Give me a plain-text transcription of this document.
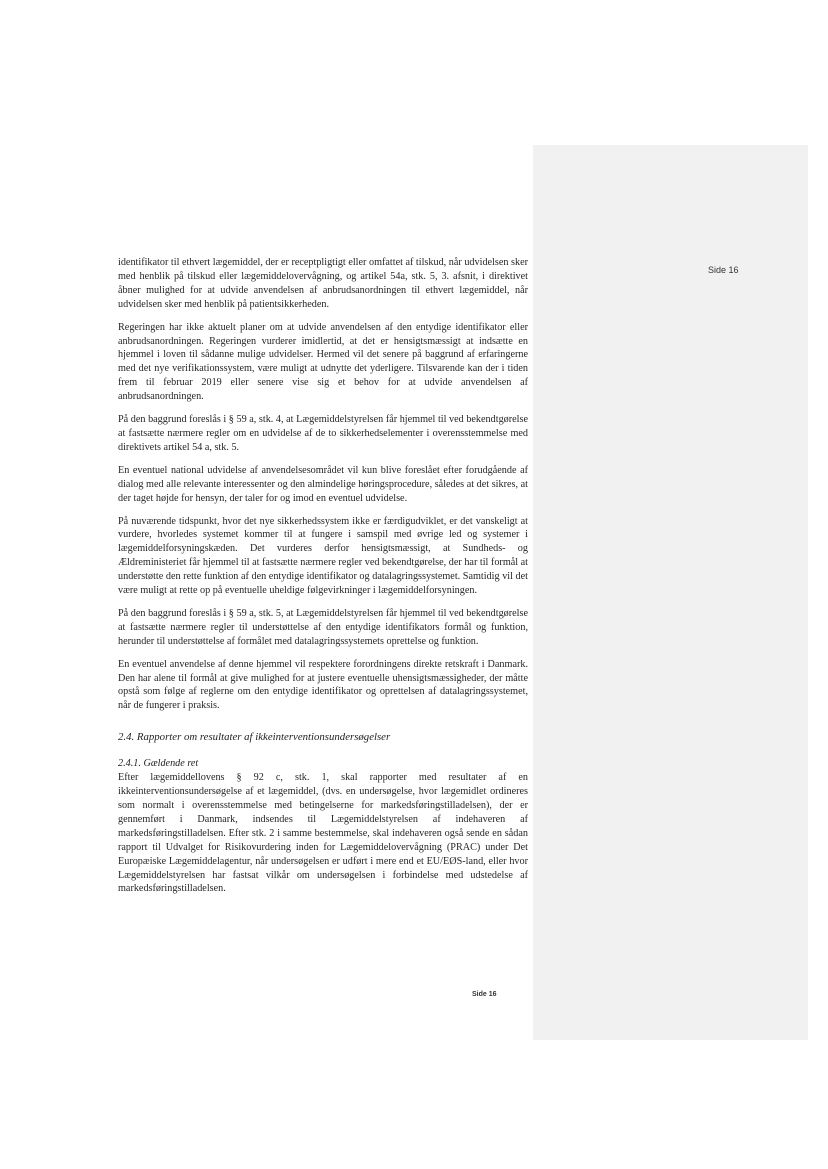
Side 16

identifikator til ethvert lægemiddel, der er receptpligtigt eller omfattet af tilskud, når udvidelsen sker med henblik på tilskud eller lægemiddelovervågning, og artikel 54a, stk. 5, 3. afsnit, i direktivet åbner mulighed for at udvide anvendelsen af anbrudsanordningen til ethvert lægemiddel, når udvidelsen sker med henblik på patientsikkerheden.

Regeringen har ikke aktuelt planer om at udvide anvendelsen af den entydige identifikator eller anbrudsanordningen. Regeringen vurderer imidlertid, at det er hensigtsmæssigt at indsætte en hjemmel i loven til sådanne mulige udvidelser. Hermed vil det senere på baggrund af erfaringerne med det nye verifikationssystem, være muligt at udnytte det yderligere. Tilsvarende kan der i tiden frem til februar 2019 eller senere vise sig et behov for at udvide anvendelsen af anbrudsanordningen.

På den baggrund foreslås i § 59 a, stk. 4, at Lægemiddelstyrelsen får hjemmel til ved bekendtgørelse at fastsætte nærmere regler om en udvidelse af de to sikkerhedselementer i overensstemmelse med direktivets artikel 54 a, stk. 5.

En eventuel national udvidelse af anvendelsesområdet vil kun blive foreslået efter forudgående af dialog med alle relevante interessenter og den almindelige høringsprocedure, således at det sikres, at der taget højde for hensyn, der taler for og imod en eventuel udvidelse.

På nuværende tidspunkt, hvor det nye sikkerhedssystem ikke er færdigudviklet, er det vanskeligt at vurdere, hvorledes systemet kommer til at fungere i samspil med øvrige led og systemer i lægemiddelforsyningskæden. Det vurderes derfor hensigtsmæssigt, at Sundheds- og Ældreministeriet får hjemmel til at fastsætte nærmere regler ved bekendtgørelse, der har til formål at understøtte den rette funktion af den entydige identifikator og datalagringssystemet. Samtidig vil det være muligt at rette op på eventuelle uheldige følgevirkninger i lægemiddelforsyningen.

På den baggrund foreslås i § 59 a, stk. 5, at Lægemiddelstyrelsen får hjemmel til ved bekendtgørelse at fastsætte nærmere regler til understøttelse af den entydige identifikators formål og funktion, herunder til understøttelse af formålet med datalagringssystemets oprettelse og funktion.

En eventuel anvendelse af denne hjemmel vil respektere forordningens direkte retskraft i Danmark. Den har alene til formål at give mulighed for at justere eventuelle uhensigtsmæssigheder, der måtte opstå som følge af reglerne om den entydige identifikator og oprettelsen af datalagringssystemet, når de fungerer i praksis.

2.4. Rapporter om resultater af ikkeinterventionsundersøgelser
2.4.1. Gældende ret

Efter lægemiddellovens § 92 c, stk. 1, skal rapporter med resultater af en ikkeinterventionsundersøgelse af et lægemiddel, (dvs. en undersøgelse, hvor lægemidlet ordineres som normalt i overensstemmelse med betingelserne for markedsføringstilladelsen), der er gennemført i Danmark, indsendes til Lægemiddelstyrelsen af indehaveren af markedsføringstilladelsen. Efter stk. 2 i samme bestemmelse, skal indehaveren også sende en sådan rapport til Udvalget for Risikovurdering inden for Lægemiddelovervågning (PRAC) under Det Europæiske Lægemiddelagentur, når undersøgelsen er udført i mere end et EU/EØS-land, eller hvor Lægemiddelstyrelsen har fastsat vilkår om undersøgelsen i forbindelse med udstedelse af markedsføringstilladelsen.

Side 16
